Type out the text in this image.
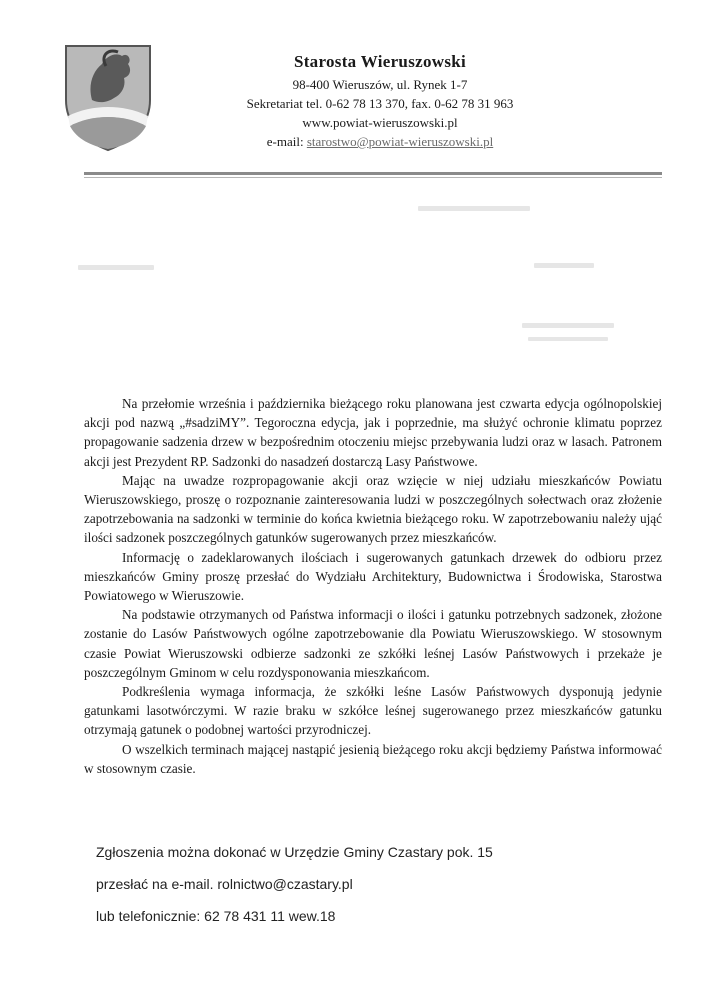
Starosta Wieruszowski
98-400 Wieruszów, ul. Rynek 1-7
Sekretariat tel. 0-62 78 13 370, fax. 0-62 78 31 963
www.powiat-wieruszowski.pl
e-mail: starostwo@powiat-wieruszowski.pl

Na przełomie września i października bieżącego roku planowana jest czwarta edycja ogólnopolskiej akcji pod nazwą „#sadziMY”. Tegoroczna edycja, jak i poprzednie, ma służyć ochronie klimatu poprzez propagowanie sadzenia drzew w bezpośrednim otoczeniu miejsc przebywania ludzi oraz w lasach. Patronem akcji jest Prezydent RP. Sadzonki do nasadzeń dostarczą Lasy Państwowe.

Mając na uwadze rozpropagowanie akcji oraz wzięcie w niej udziału mieszkańców Powiatu Wieruszowskiego, proszę o rozpoznanie zainteresowania ludzi w poszczególnych sołectwach oraz złożenie zapotrzebowania na sadzonki w terminie do końca kwietnia bieżącego roku. W zapotrzebowaniu należy ująć ilości sadzonek poszczególnych gatunków sugerowanych przez mieszkańców.

Informację o zadeklarowanych ilościach i sugerowanych gatunkach drzewek do odbioru przez mieszkańców Gminy proszę przesłać do Wydziału Architektury, Budownictwa i Środowiska, Starostwa Powiatowego w Wieruszowie.

Na podstawie otrzymanych od Państwa informacji o ilości i gatunku potrzebnych sadzonek, złożone zostanie do Lasów Państwowych ogólne zapotrzebowanie dla Powiatu Wieruszowskiego. W stosownym czasie Powiat Wieruszowski odbierze sadzonki ze szkółki leśnej Lasów Państwowych i przekaże je poszczególnym Gminom w celu rozdysponowania mieszkańcom.

Podkreślenia wymaga informacja, że szkółki leśne Lasów Państwowych dysponują jedynie gatunkami lasotwórczymi. W razie braku w szkółce leśnej sugerowanego przez mieszkańców gatunku otrzymają gatunek o podobnej wartości przyrodniczej.

O wszelkich terminach mającej nastąpić jesienią bieżącego roku akcji będziemy Państwa informować w stosownym czasie.

Zgłoszenia można dokonać w Urzędzie Gminy Czastary pok. 15
przesłać na e-mail. rolnictwo@czastary.pl
lub telefonicznie: 62 78 431 11 wew.18
